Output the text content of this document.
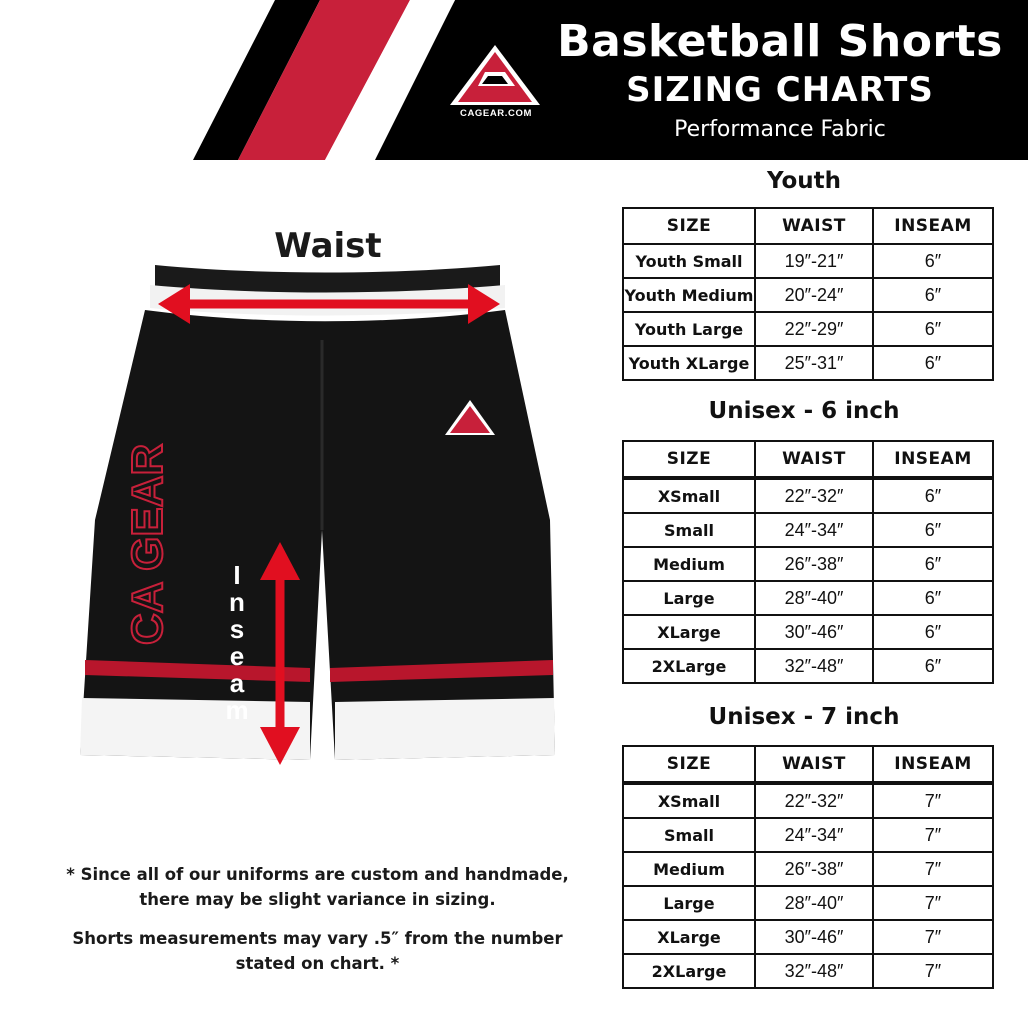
CAGEAR.COM
Basketball Shorts
SIZING CHARTS
Performance Fabric
Waist
CA GEAR	I
n
s
e
a
m
* Since all of our uniforms are custom and handmade, there may be slight variance in sizing.
Shorts measurements may vary .5″ from the number stated on chart. *
Youth
SIZE	WAIST	INSEAM
Youth Small	19″-21″	6″
Youth Medium	20″-24″	6″
Youth Large	22″-29″	6″
Youth XLarge	25″-31″	6″
Unisex - 6 inch
SIZE	WAIST	INSEAM
XSmall	22″-32″	6″
Small	24″-34″	6″
Medium	26″-38″	6″
Large	28″-40″	6″
XLarge	30″-46″	6″
2XLarge	32″-48″	6″
Unisex - 7 inch
SIZE	WAIST	INSEAM
XSmall	22″-32″	7″
Small	24″-34″	7″
Medium	26″-38″	7″
Large	28″-40″	7″
XLarge	30″-46″	7″
2XLarge	32″-48″	7″
